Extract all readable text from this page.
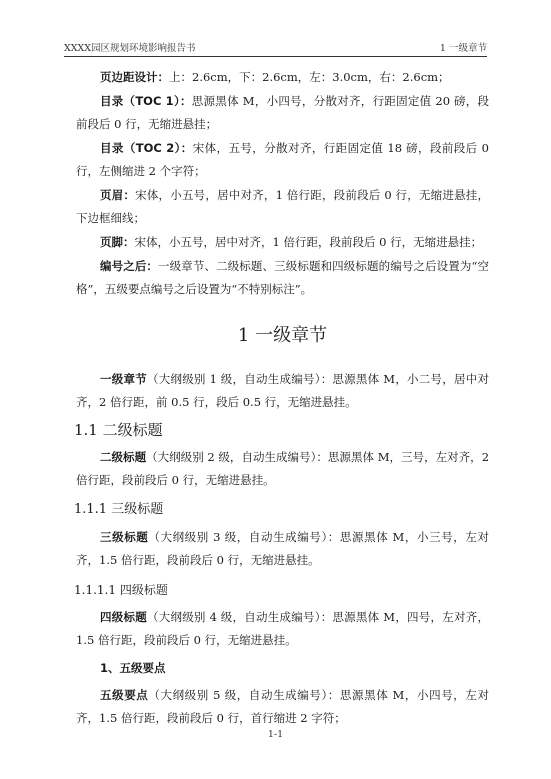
XXXX园区规划环境影响报告书	1 一级章节

页边距设计：上：2.6cm，下：2.6cm，左：3.0cm，右：2.6cm；

目录（TOC 1）：思源黑体 M，小四号，分散对齐，行距固定值 20 磅，段前段后 0 行，无缩进悬挂；

目录（TOC 2）：宋体，五号，分散对齐，行距固定值 18 磅，段前段后 0 行，左侧缩进 2 个字符；

页眉：宋体，小五号，居中对齐，1 倍行距，段前段后 0 行，无缩进悬挂，下边框细线；

页脚：宋体，小五号，居中对齐，1 倍行距，段前段后 0 行，无缩进悬挂；

编号之后：一级章节、二级标题、三级标题和四级标题的编号之后设置为“空格”，五级要点编号之后设置为“不特别标注”。

1 一级章节

一级章节（大纲级别 1 级，自动生成编号）：思源黑体 M，小二号，居中对齐，2 倍行距，前 0.5 行，段后 0.5 行，无缩进悬挂。

1.1 二级标题

二级标题（大纲级别 2 级，自动生成编号）：思源黑体 M，三号，左对齐，2 倍行距，段前段后 0 行，无缩进悬挂。

1.1.1 三级标题

三级标题（大纲级别 3 级，自动生成编号）：思源黑体 M，小三号，左对齐，1.5 倍行距，段前段后 0 行，无缩进悬挂。

1.1.1.1 四级标题

四级标题（大纲级别 4 级，自动生成编号）：思源黑体 M，四号，左对齐，1.5 倍行距，段前段后 0 行，无缩进悬挂。

1、五级要点

五级要点（大纲级别 5 级，自动生成编号）：思源黑体 M，小四号，左对齐，1.5 倍行距，段前段后 0 行，首行缩进 2 字符；

1-1
